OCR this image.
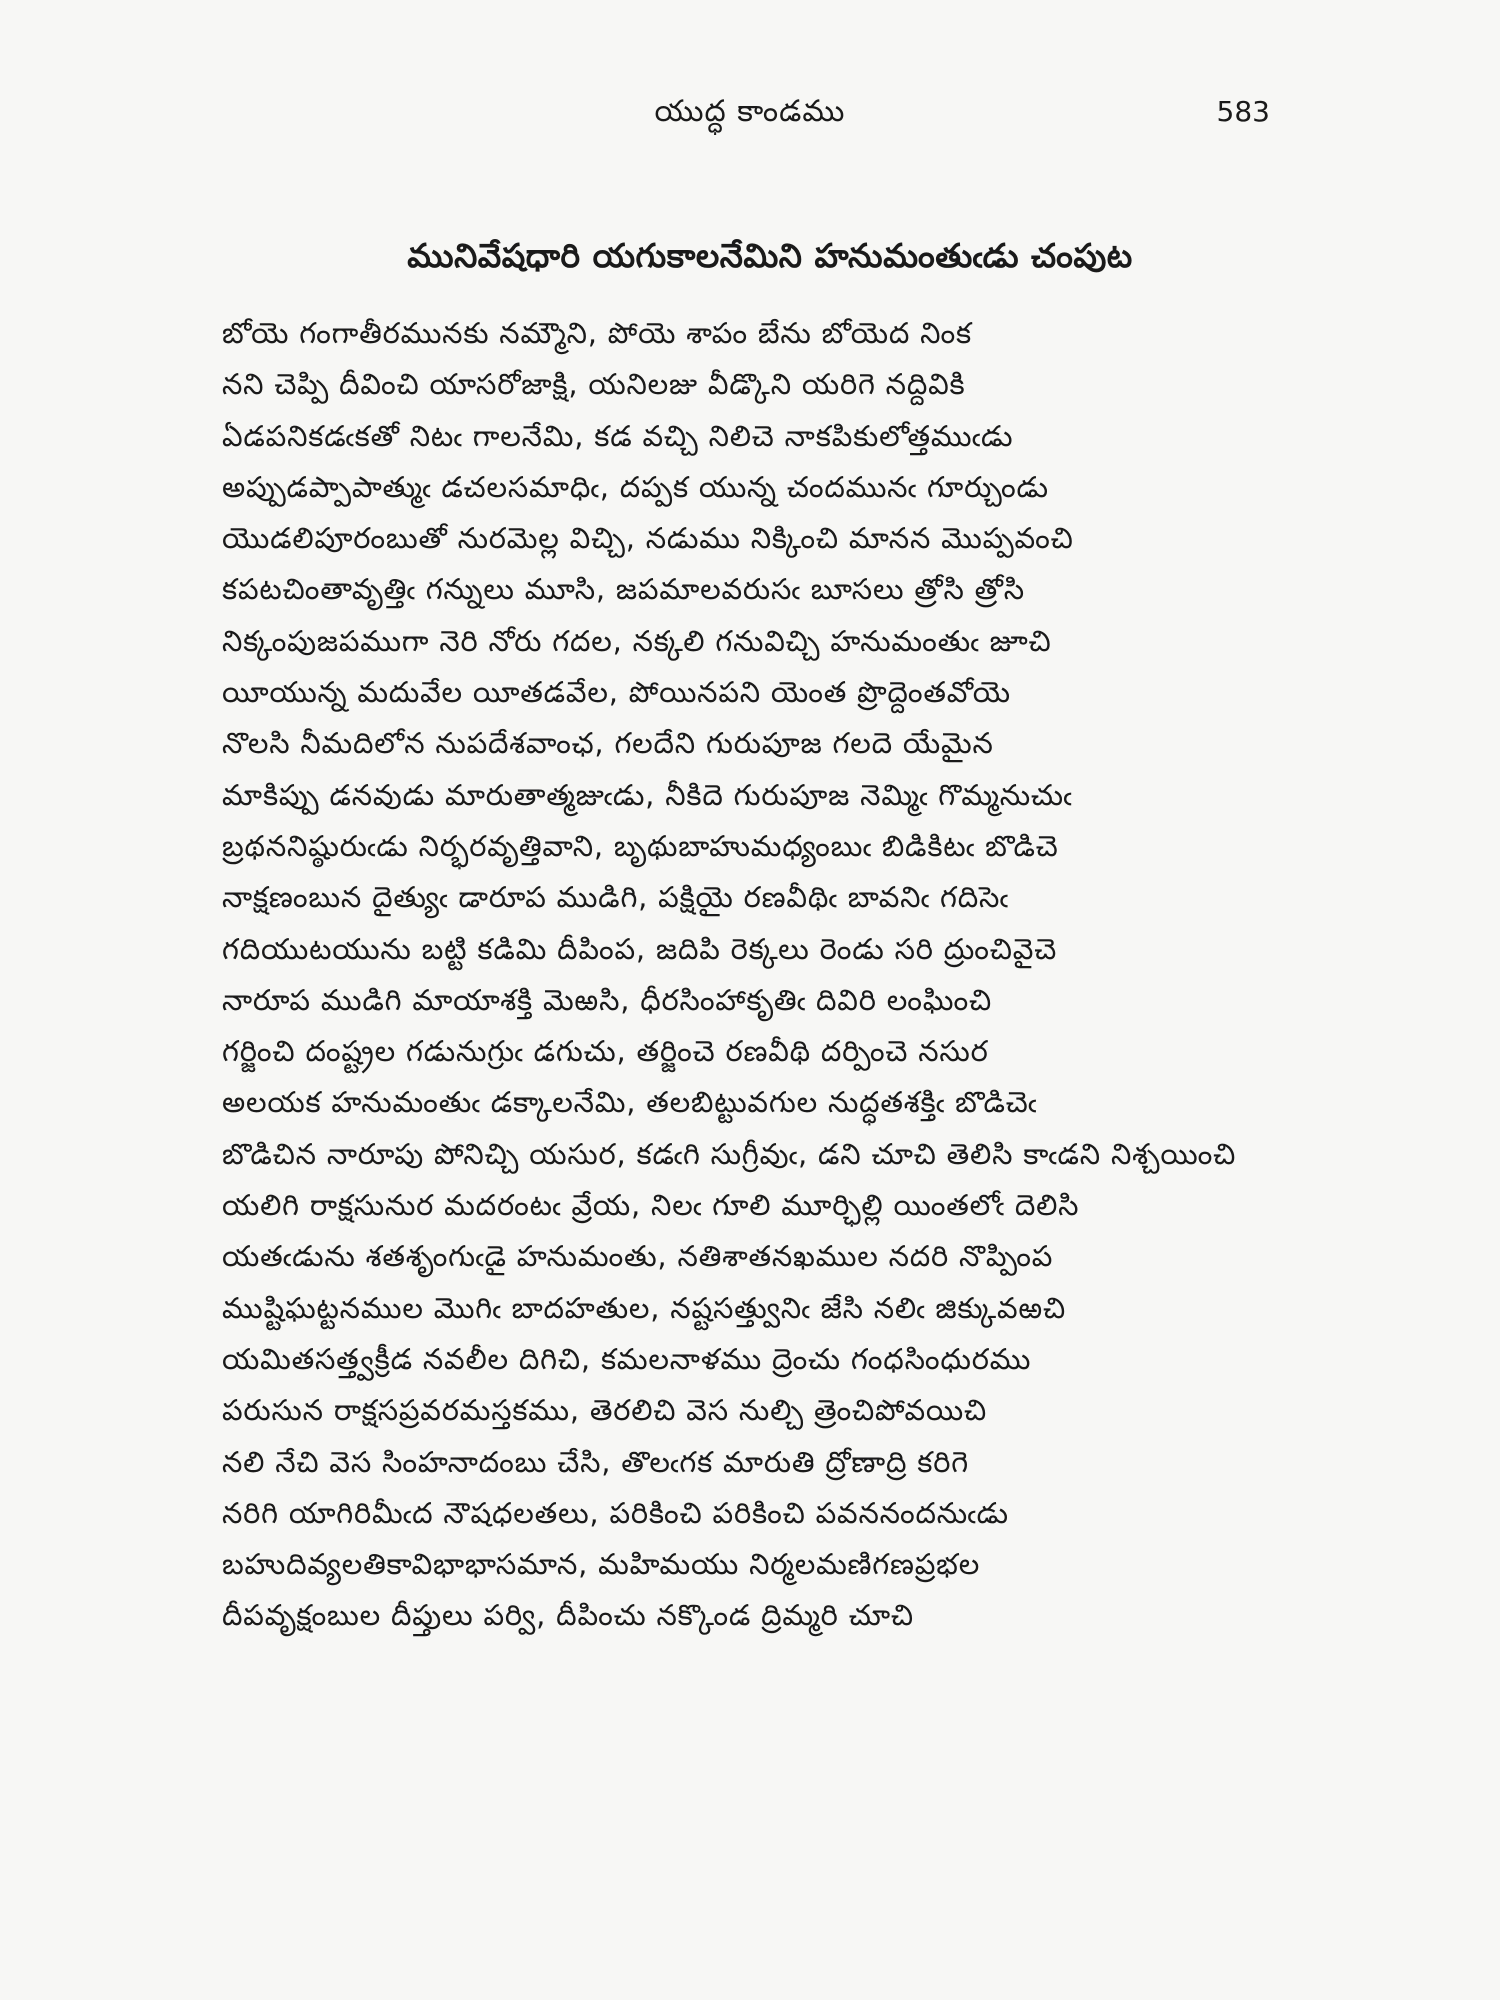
యుద్ధ కాండము	583
మునివేషధారి యగుకాలనేమిని హనుమంతుఁడు చంపుట
బోయె గంగాతీరమునకు నమ్మౌని, పోయె శాపం బేను బోయెద నింక
నని చెప్పి దీవించి యాసరోజాక్షి, యనిలజు వీడ్కొని యరిగె నద్దివికి
ఏడపనికడఁకతో నిటఁ గాలనేమి, కడ వచ్చి నిలిచె నాకపికులోత్తముఁడు
అప్పుడప్పాపాత్ముఁ డచలసమాధిఁ, దప్పక యున్న చందమునఁ గూర్చుండు
యొడలిపూరంబుతో నురమెల్ల విచ్చి, నడుము నిక్కించి మానన మొప్పవంచి
కపటచింతావృత్తిఁ గన్నులు మూసి, జపమాలవరుసఁ బూసలు త్రోసి త్రోసి
నిక్కంపుజపముగా నెరి నోరు గదల, నక్కలి గనువిచ్చి హనుమంతుఁ జూచి
యీయున్న మదువేల యీతడవేల, పోయినపని యెంత ప్రొద్దెంతవోయె
నొలసి నీమదిలోన నుపదేశవాంఛ, గలదేని గురుపూజ గలదె యేమైన
మాకిప్పు డనవుడు మారుతాత్మజుఁడు, నీకిదె గురుపూజ నెమ్మిఁ గొమ్మనుచుఁ
బ్రథననిష్ఠురుఁడు నిర్భరవృత్తివాని, బృథుబాహుమధ్యంబుఁ బిడికిటఁ బొడిచె
నాక్షణంబున దైత్యుఁ డారూప ముడిగి, పక్షియై రణవీథిఁ బావనిఁ గదిసెఁ
గదియుటయును బట్టి కడిమి దీపింప, జదిపి రెక్కలు రెండు సరి ద్రుంచివైచె
నారూప ముడిగి మాయాశక్తి మెఱసి, ధీరసింహాకృతిఁ దివిరి లంఘించి
గర్జించి దంష్ట్రల గడునుగ్రుఁ డగుచు, తర్జించె రణవీథి దర్పించె నసుర
అలయక హనుమంతుఁ డక్కాలనేమి, తలబిట్టువగుల నుద్ధతశక్తిఁ బొడిచెఁ
బొడిచిన నారూపు పోనిచ్చి యసుర, కడఁగి సుగ్రీవుఁ, డని చూచి తెలిసి కాఁడని నిశ్చయించి
యలిగి రాక్షసునుర మదరంటఁ వ్రేయ, నిలఁ గూలి మూర్ఛిల్లి యింతలోఁ దెలిసి
యతఁడును శతశృంగుఁడై హనుమంతు, నతిశాతనఖముల నదరి నొప్పింప
ముష్టిఘట్టనముల మొగిఁ బాదహతుల, నష్టసత్త్వునిఁ జేసి నలిఁ జిక్కువఱచి
యమితసత్త్వక్రీడ నవలీల దిగిచి, కమలనాళము ద్రెంచు గంధసింధురము
పరుసున రాక్షసప్రవరమస్తకము, తెరలిచి వెస నుల్చి త్రెంచిపోవయిచి
నలి నేచి వెస సింహనాదంబు చేసి, తొలఁగక మారుతి ద్రోణాద్రి కరిగె
నరిగి యాగిరిమీఁద నౌషధలతలు, పరికించి పరికించి పవననందనుఁడు
బహుదివ్యలతికావిభాభాసమాన, మహిమయు నిర్మలమణిగణప్రభల
దీపవృక్షంబుల దీప్తులు పర్వి, దీపించు నక్కొండ ద్రిమ్మరి చూచి
